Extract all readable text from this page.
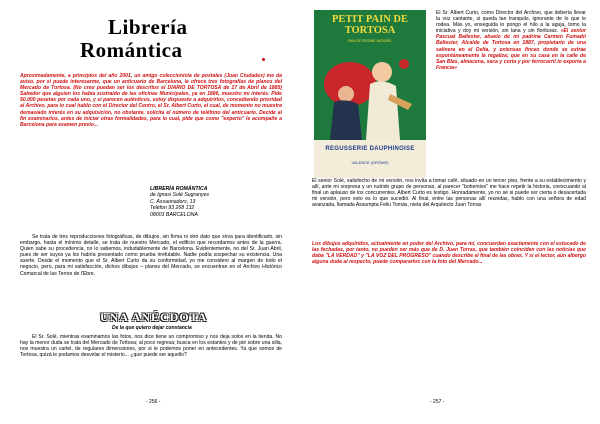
Librería
Romántica

Aproximadamente, a principios del año 2001, un amigo coleccionista de postales (Juan Ciudades) me da aviso, por si puede interesarme, que un anticuario de Barcelona, le ofrece tres fotografías de planos del Mercado de Tortosa. (No creo puedan ser los descritos el DIARIO DE TORTOSA de 17 de Abril de 1885) Sabedor que alguien los había sustraído de las oficinas Municipales, ya en 1886, muestro mi interés. Pide 50.000 pesetas por cada uno, y si parecen auténticos, estoy dispuesto a adquirirlos, concediendo prioridad al Archivo, para lo cual hablo con el Director del Centro, el Sr. Albert Curto, el cual, de momento no muestra demasiado interés en su adquisición, no obstante, solicita el número de teléfono del anticuario. Decide al fin examinarlos, antes de iniciar otras formalidades, para lo cual, pide que como "experto" le acompañe a Barcelona para examen previo...

LIBRERÍA ROMÁNTICA
de Ignasi Solé Sugranyes
C. Assaonadors, 13
Telèfon 93 268 132
08003 BARCELONA

Se trata de tres reproducciones fotográficas, de dibujos, sin firma ni otro dato que sirva para identificarlo, sin embargo, hasta el mínimo detalle, se trata de nuestro Mercado, el edificio que recordamos antes de la guerra. Quien sabe su procedencia, no lo sabemos, indudablemente de Barcelona. Evidentemente, no del Sr. Juan Abril, pues de ser suyos ya los habría presentado como prueba irrefutable. Nadie podía sospechar su existencia. Una suerte. Desde el momento que el Sr. Albert Curto da su conformidad, yo me considero al margen de todo el negocio, pero, para mi satisfacción, dichos dibujos – planos del Mercado, se encuentran en el Archivo Histórico Comarcal de las Terres de l'Ebre.

UNA ANÉCDOTA
De la que quiero dejar constancia

El Sr. Solé, mientras examinamos las fotos, nos dice tiene un compromiso y nos deja solos en la tienda. No hay la menor duda se trata del Mercado de Tortosa; al poco regresa; busca en los estantes y de pié sobre una silla, nos muestra un cartel, de regulares dimensiones, por si le podemos poner en antecedentes. Ya que somos de Tortosa, quizá le podamos desvelar el misterio... ¿que puede ser aquello?

- 256 -
PETIT PAIN DE TORTOSA
PAIN DE REGIME NATUREL
REGUSSERIE DAUPHINOISE
VALENCE (DRÔME)
El Sr. Albert Curto, como Director del Archivo, que debería llevar la voz cantante, si queda tan tranquilo, ignorante de lo que le rodea. Más yo, enseguida lo pongo el hilo a la aguja, tomo la iniciativa y doy mi versión, sin lana y sin florituras. «El senior Pascual Ballester, abuelo de mi padrina Carmen Fumadó Ballester, Alcalde de Tortosa en 1887, propietario de una salinera en el Delta, y extensas fincas donde se extrae espontáneamente la regaliza; que en su casa en la calle de San Blas, almacena, seca y corta y por ferrocarril lo exporta a Francia»

El senior Solé, satisfecho de mi versión, nos invita a tomar café, situado en un tercer piso, frente a su establecimiento y allí, ante mi sorpresa y un nutrido grupo de personas, al parecer "bohemios" me hace repetir la historia, coescuando al final un aplauso de los concurrentes. Albert Curto es testigo. Honradamente, yo no sé si puede ser cierta o desacertada mi versión, pero esto es lo que sucedió. Al final, entre las personas allí reunidas, hablo con una señora de edad avanzada, llamada Assumpta Feliu Tomás, nieta del Arquitecto Juan Torras

Los dibujos adquiridos, actualmente en poder del Archivo, para mí, concuerdan exactamente con el estucado de las fechadas, por tanto, no pueden ser más que de D. Juan Torras, que también coinciden con las noticias que daba "LA VERDAD" y "LA VOZ DEL PROGRESO" cuando describe el final de las obras. Y si el lector, aún albergo alguna duda al respecto, puede compararlos con la foto del Mercado...

- 257 -
